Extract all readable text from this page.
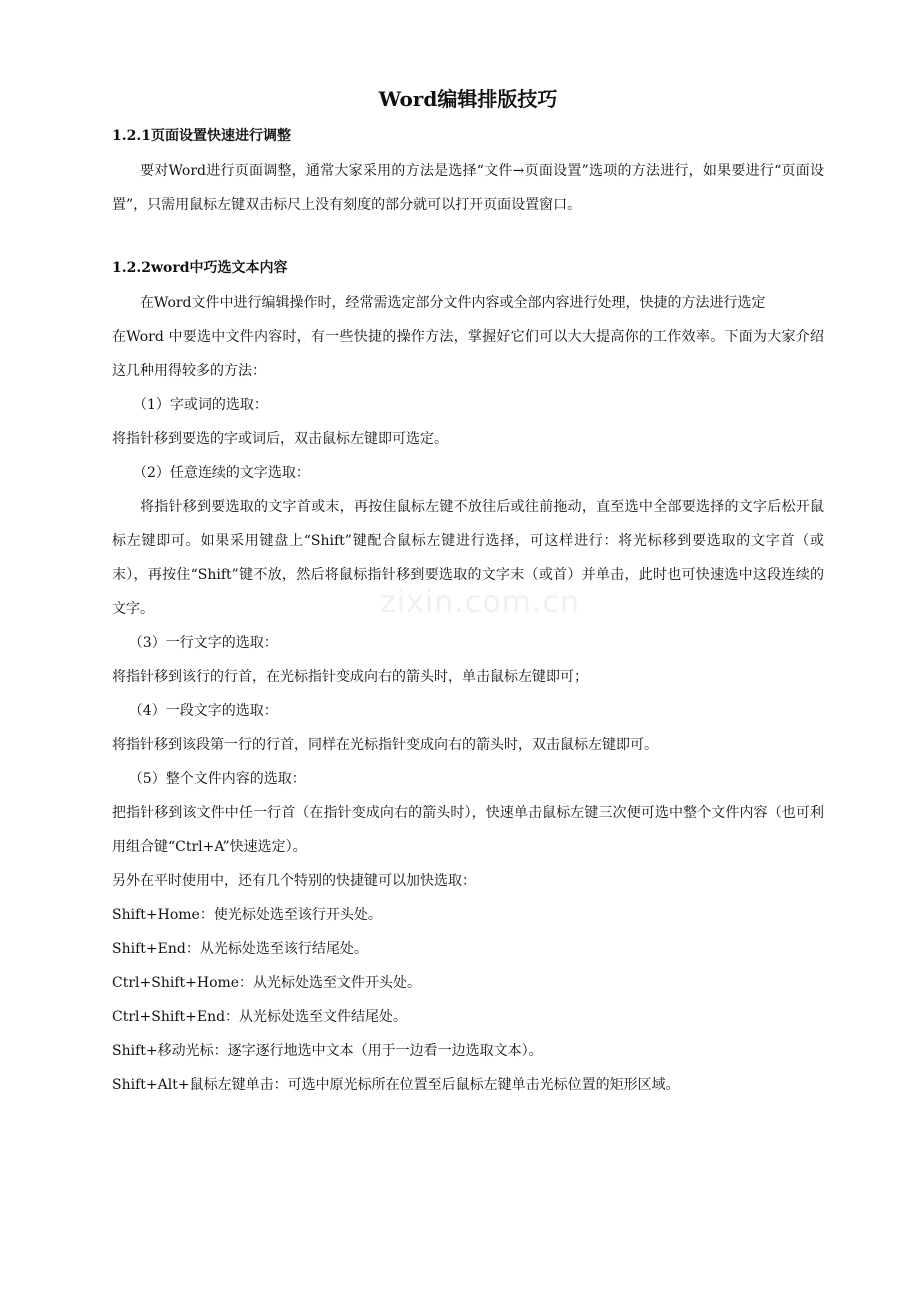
zixin.com.cn
Word编辑排版技巧
1.2.1页面设置快速进行调整

要对Word进行页面调整，通常大家采用的方法是选择“文件→页面设置”选项的方法进行，如果要进行“页面设置”，只需用鼠标左键双击标尺上没有刻度的部分就可以打开页面设置窗口。

1.2.2word中巧选文本内容

在Word文件中进行编辑操作时，经常需选定部分文件内容或全部内容进行处理，快捷的方法进行选定

在Word 中要选中文件内容时，有一些快捷的操作方法，掌握好它们可以大大提高你的工作效率。下面为大家介绍这几种用得较多的方法：

（1）字或词的选取：

将指针移到要选的字或词后，双击鼠标左键即可选定。

（2）任意连续的文字选取：

将指针移到要选取的文字首或末，再按住鼠标左键不放往后或往前拖动，直至选中全部要选择的文字后松开鼠标左键即可。如果采用键盘上“Shift”键配合鼠标左键进行选择，可这样进行：将光标移到要选取的文字首（或末），再按住“Shift”键不放，然后将鼠标指针移到要选取的文字末（或首）并单击，此时也可快速选中这段连续的文字。

（3）一行文字的选取：

将指针移到该行的行首，在光标指针变成向右的箭头时，单击鼠标左键即可；

（4）一段文字的选取：

将指针移到该段第一行的行首，同样在光标指针变成向右的箭头时，双击鼠标左键即可。

（5）整个文件内容的选取：

把指针移到该文件中任一行首（在指针变成向右的箭头时），快速单击鼠标左键三次便可选中整个文件内容（也可利用组合键“Ctrl+A”快速选定）。

另外在平时使用中，还有几个特别的快捷键可以加快选取：

Shift+Home：使光标处选至该行开头处。

Shift+End：从光标处选至该行结尾处。

Ctrl+Shift+Home：从光标处选至文件开头处。

Ctrl+Shift+End：从光标处选至文件结尾处。

Shift+移动光标：逐字逐行地选中文本（用于一边看一边选取文本）。

Shift+Alt+鼠标左键单击：可选中原光标所在位置至后鼠标左键单击光标位置的矩形区域。
